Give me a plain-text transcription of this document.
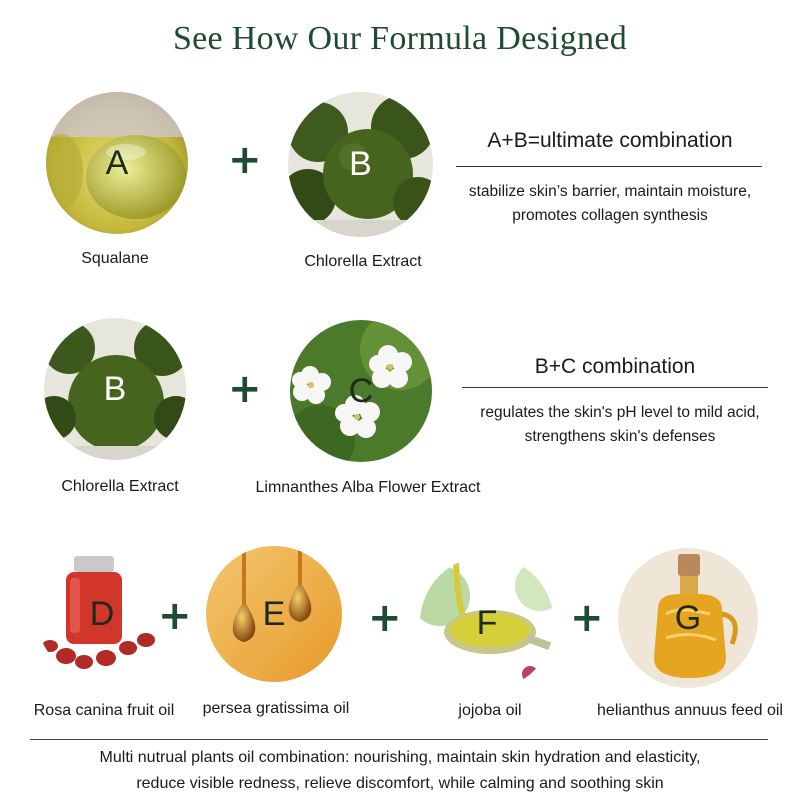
See How Our Formula Designed
A	+	B
Squalane	Chlorella Extract
A+B=ultimate combination
stabilize skin’s barrier, maintain moisture,
promotes collagen synthesis
B	+	C
Chlorella Extract	Limnanthes Alba Flower Extract
B+C combination
regulates the skin's pH level to mild acid,
strengthens skin's defenses
D	+	E	+	F	+	G
Rosa canina fruit oil	persea gratissima oil	jojoba oil	helianthus annuus feed oil
Multi nutrual plants oil combination: nourishing, maintain skin hydration and elasticity,
reduce visible redness, relieve discomfort, while calming and soothing skin
